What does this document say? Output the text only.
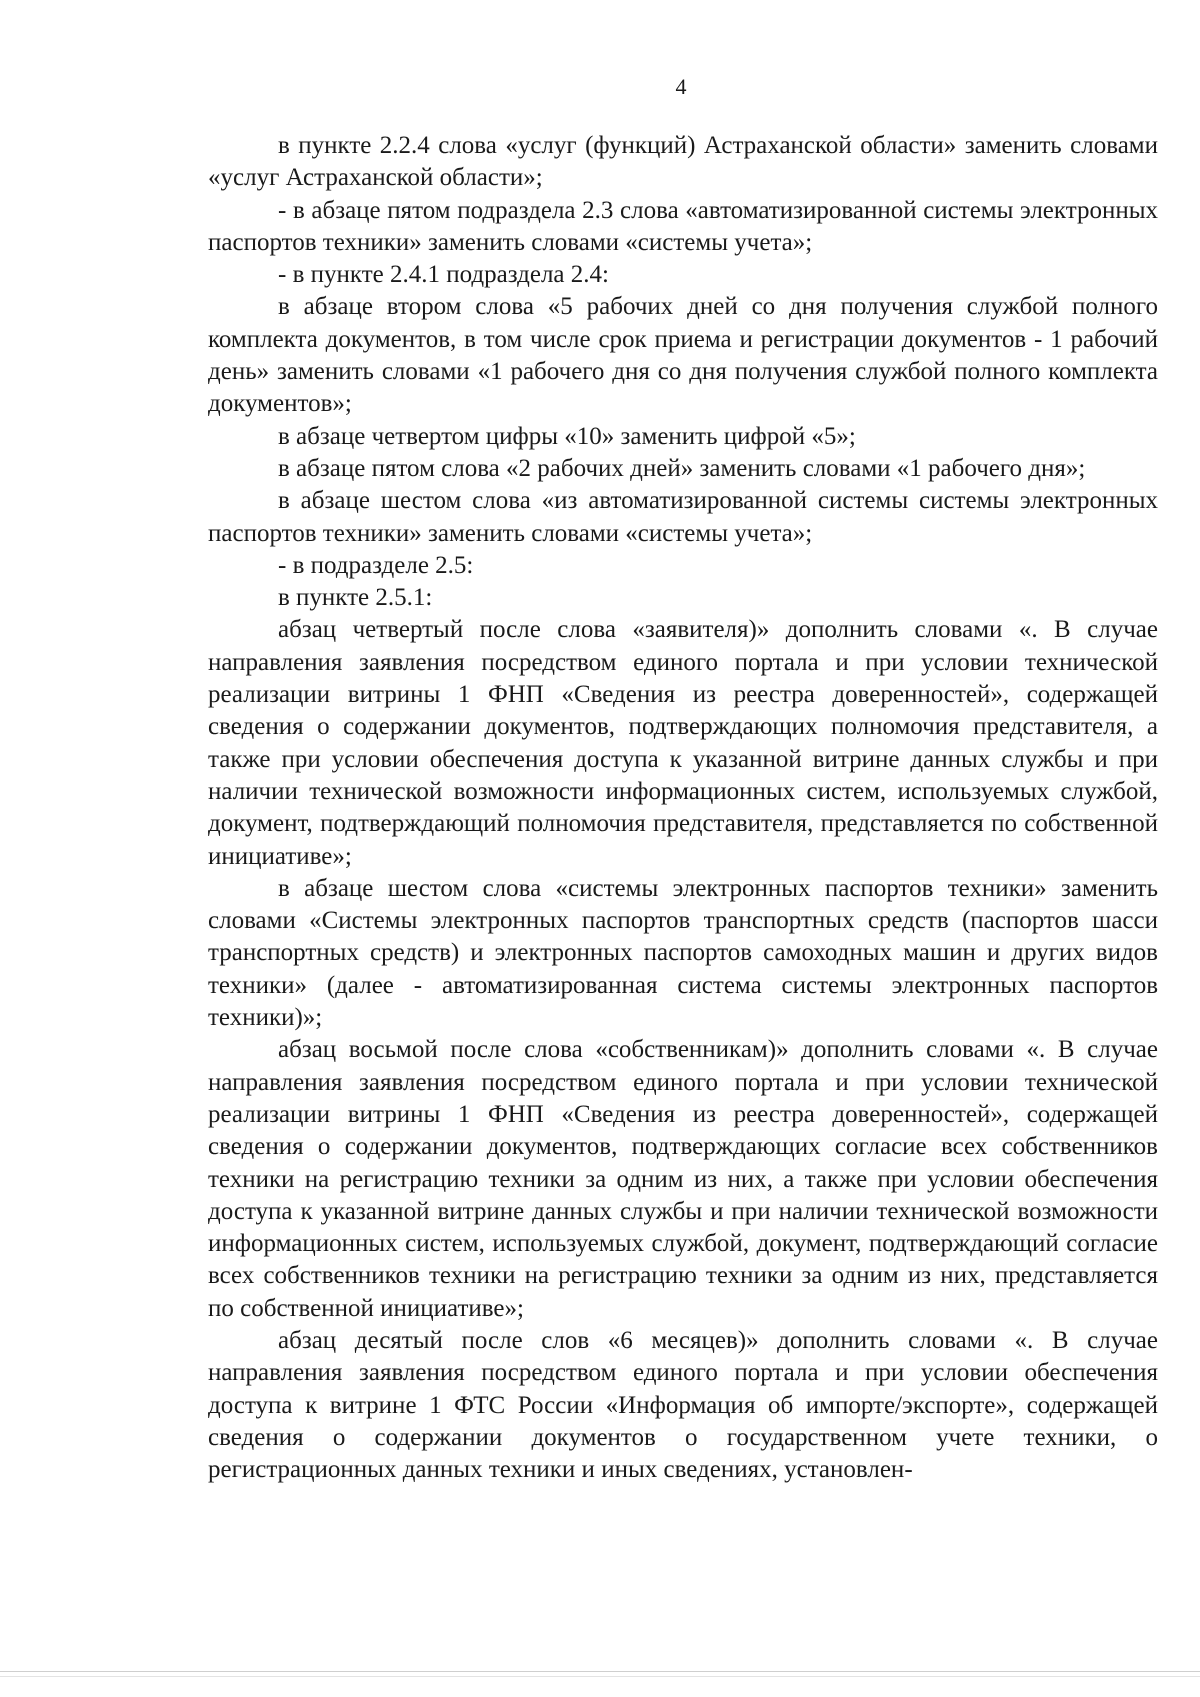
4

в пункте 2.2.4 слова «услуг (функций) Астраханской области» заменить словами «услуг Астраханской области»;

- в абзаце пятом подраздела 2.3 слова «автоматизированной системы электронных паспортов техники» заменить словами «системы учета»;

- в пункте 2.4.1 подраздела 2.4:

в абзаце втором слова «5 рабочих дней со дня получения службой полного комплекта документов, в том числе срок приема и регистрации документов - 1 рабочий день» заменить словами «1 рабочего дня со дня получения службой полного комплекта документов»;

в абзаце четвертом цифры «10» заменить цифрой «5»;

в абзаце пятом слова «2 рабочих дней» заменить словами «1 рабочего дня»;

в абзаце шестом слова «из автоматизированной системы системы электронных паспортов техники» заменить словами «системы учета»;

- в подразделе 2.5:

в пункте 2.5.1:

абзац четвертый после слова «заявителя)» дополнить словами «. В случае направления заявления посредством единого портала и при условии технической реализации витрины 1 ФНП «Сведения из реестра доверенностей», содержащей сведения о содержании документов, подтверждающих полномочия представителя, а также при условии обеспечения доступа к указанной витрине данных службы и при наличии технической возможности информационных систем, используемых службой, документ, подтверждающий полномочия представителя, представляется по собственной инициативе»;

в абзаце шестом слова «системы электронных паспортов техники» заменить словами «Системы электронных паспортов транспортных средств (паспортов шасси транспортных средств) и электронных паспортов самоходных машин и других видов техники» (далее - автоматизированная система системы электронных паспортов техники)»;

абзац восьмой после слова «собственникам)» дополнить словами «. В случае направления заявления посредством единого портала и при условии технической реализации витрины 1 ФНП «Сведения из реестра доверенностей», содержащей сведения о содержании документов, подтверждающих согласие всех собственников техники на регистрацию техники за одним из них, а также при условии обеспечения доступа к указанной витрине данных службы и при наличии технической возможности информационных систем, используемых службой, документ, подтверждающий согласие всех собственников техники на регистрацию техники за одним из них, представляется по собственной инициативе»;

абзац десятый после слов «6 месяцев)» дополнить словами «. В случае направления заявления посредством единого портала и при условии обеспечения доступа к витрине 1 ФТС России «Информация об импорте/экспорте», содержащей сведения о содержании документов о государственном учете техники, о регистрационных данных техники и иных сведениях, установлен-
